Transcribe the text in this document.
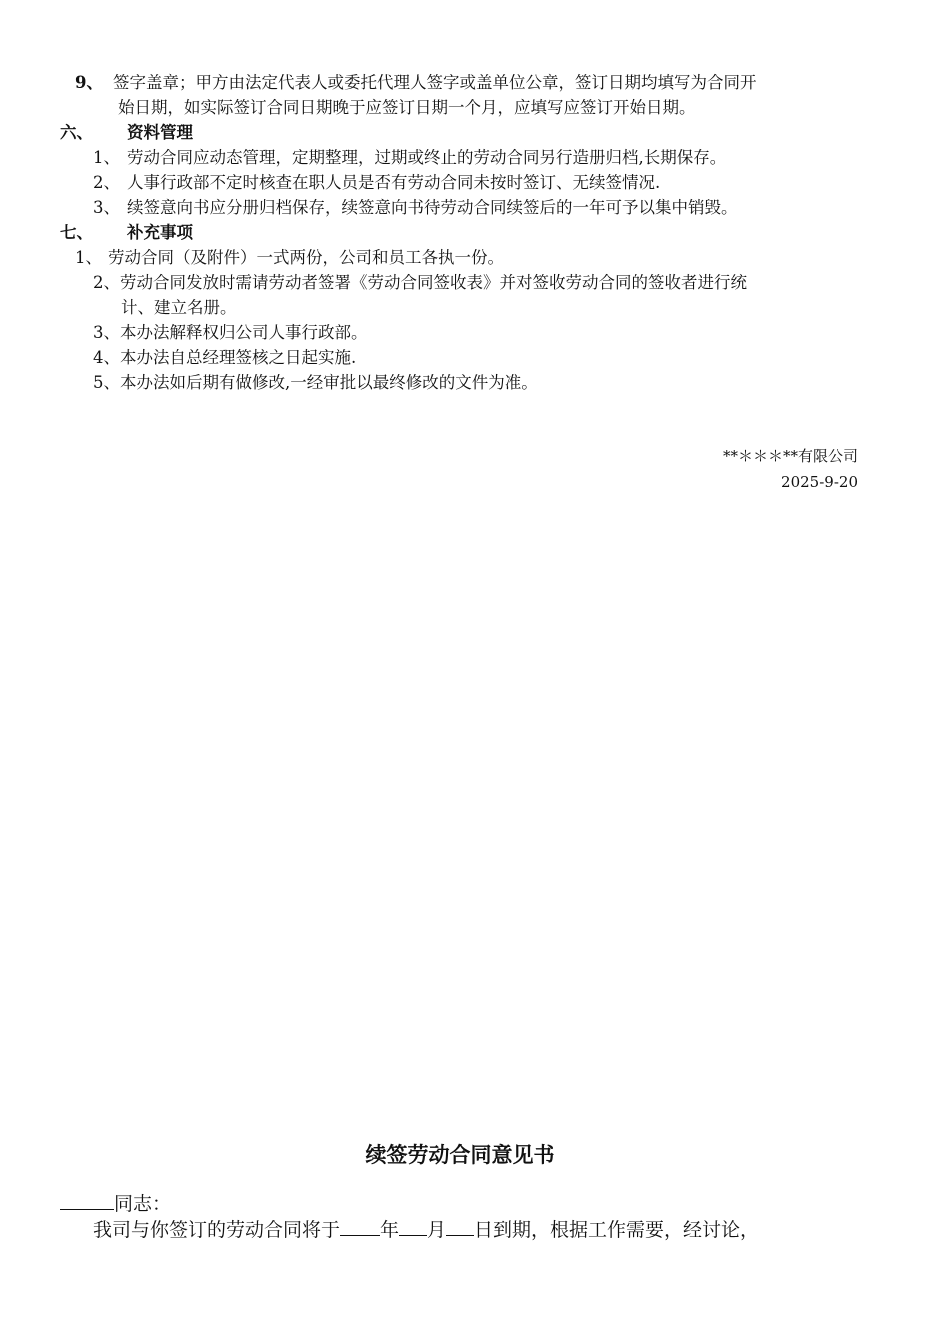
9、 签字盖章；甲方由法定代表人或委托代理人签字或盖单位公章，签订日期均填写为合同开
始日期，如实际签订合同日期晚于应签订日期一个月，应填写应签订开始日期。
六、 资料管理
1、 劳动合同应动态管理，定期整理，过期或终止的劳动合同另行造册归档,长期保存。
2、 人事行政部不定时核查在职人员是否有劳动合同未按时签订、无续签情况.
3、 续签意向书应分册归档保存，续签意向书待劳动合同续签后的一年可予以集中销毁。
七、 补充事项
1、 劳动合同（及附件）一式两份，公司和员工各执一份。
2、劳动合同发放时需请劳动者签署《劳动合同签收表》并对签收劳动合同的签收者进行统
计、建立名册。
3、本办法解释权归公司人事行政部。
4、本办法自总经理签核之日起实施.
5、本办法如后期有做修改,一经审批以最终修改的文件为准。
**＊＊＊**有限公司
2025-9-20
续签劳动合同意见书
同志：
我司与你签订的劳动合同将于 年 月 日到期，根据工作需要，经讨论，
